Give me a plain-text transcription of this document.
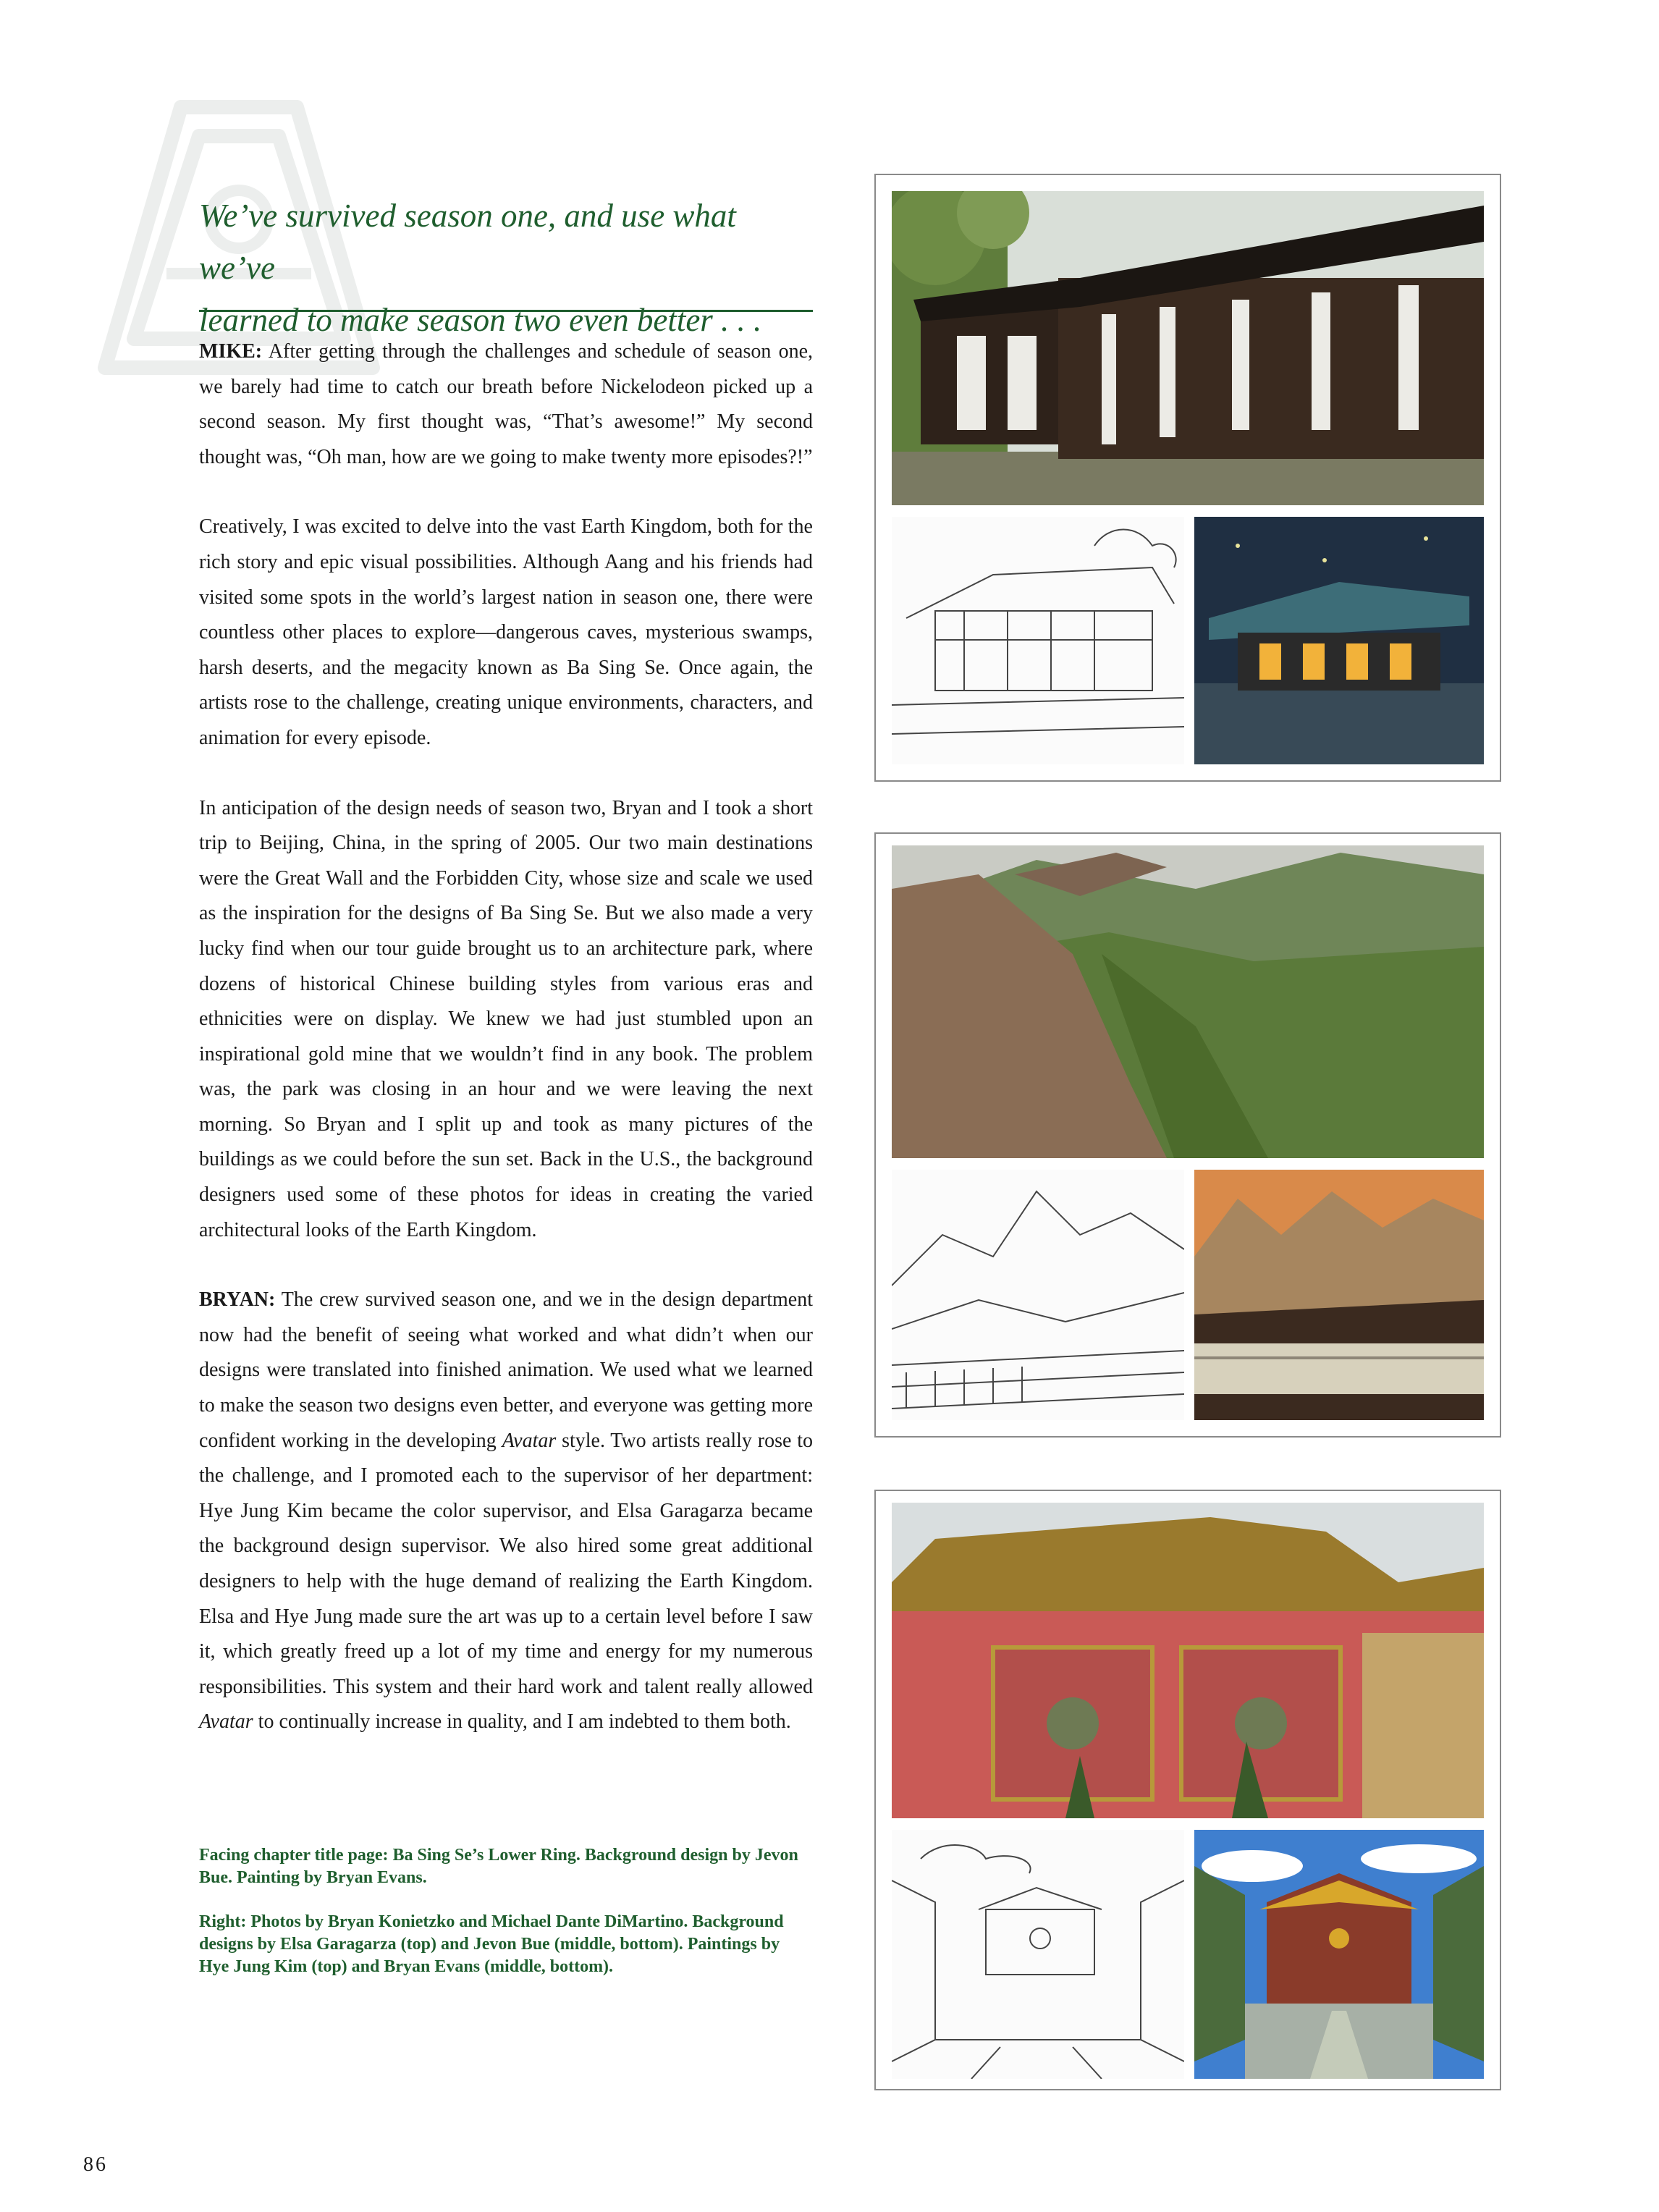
We’ve survived season one, and use what we’ve
learned to make season two even better . . .

MIKE: After getting through the challenges and schedule of season one, we barely had time to catch our breath before Nickelodeon picked up a second season. My first thought was, “That’s awesome!” My second thought was, “Oh man, how are we going to make twenty more episodes?!”

Creatively, I was excited to delve into the vast Earth Kingdom, both for the rich story and epic visual possibilities. Although Aang and his friends had visited some spots in the world’s largest nation in season one, there were countless other places to explore—dangerous caves, mysterious swamps, harsh deserts, and the megacity known as Ba Sing Se. Once again, the artists rose to the challenge, creating unique environments, characters, and animation for every episode.

In anticipation of the design needs of season two, Bryan and I took a short trip to Beijing, China, in the spring of 2005. Our two main destinations were the Great Wall and the Forbidden City, whose size and scale we used as the inspiration for the designs of Ba Sing Se. But we also made a very lucky find when our tour guide brought us to an architecture park, where dozens of historical Chinese building styles from various eras and ethnicities were on display. We knew we had just stumbled upon an inspirational gold mine that we wouldn’t find in any book. The problem was, the park was closing in an hour and we were leaving the next morning. So Bryan and I split up and took as many pictures of the buildings as we could before the sun set. Back in the U.S., the background designers used some of these photos for ideas in creating the varied architectural looks of the Earth Kingdom.

BRYAN: The crew survived season one, and we in the design department now had the benefit of seeing what worked and what didn’t when our designs were translated into finished animation. We used what we learned to make the season two designs even better, and everyone was getting more confident working in the developing Avatar style. Two artists really rose to the challenge, and I promoted each to the supervisor of her department: Hye Jung Kim became the color supervisor, and Elsa Garagarza became the background design supervisor. We also hired some great additional designers to help with the huge demand of realizing the Earth Kingdom. Elsa and Hye Jung made sure the art was up to a certain level before I saw it, which greatly freed up a lot of my time and energy for my numerous responsibilities. This system and their hard work and talent really allowed Avatar to continually increase in quality, and I am indebted to them both.

Facing chapter title page: Ba Sing Se’s Lower Ring. Background design by Jevon Bue. Painting by Bryan Evans.

Right: Photos by Bryan Konietzko and Michael Dante DiMartino. Background designs by Elsa Garagarza (top) and Jevon Bue (middle, bottom). Paintings by Hye Jung Kim (top) and Bryan Evans (middle, bottom).

86
